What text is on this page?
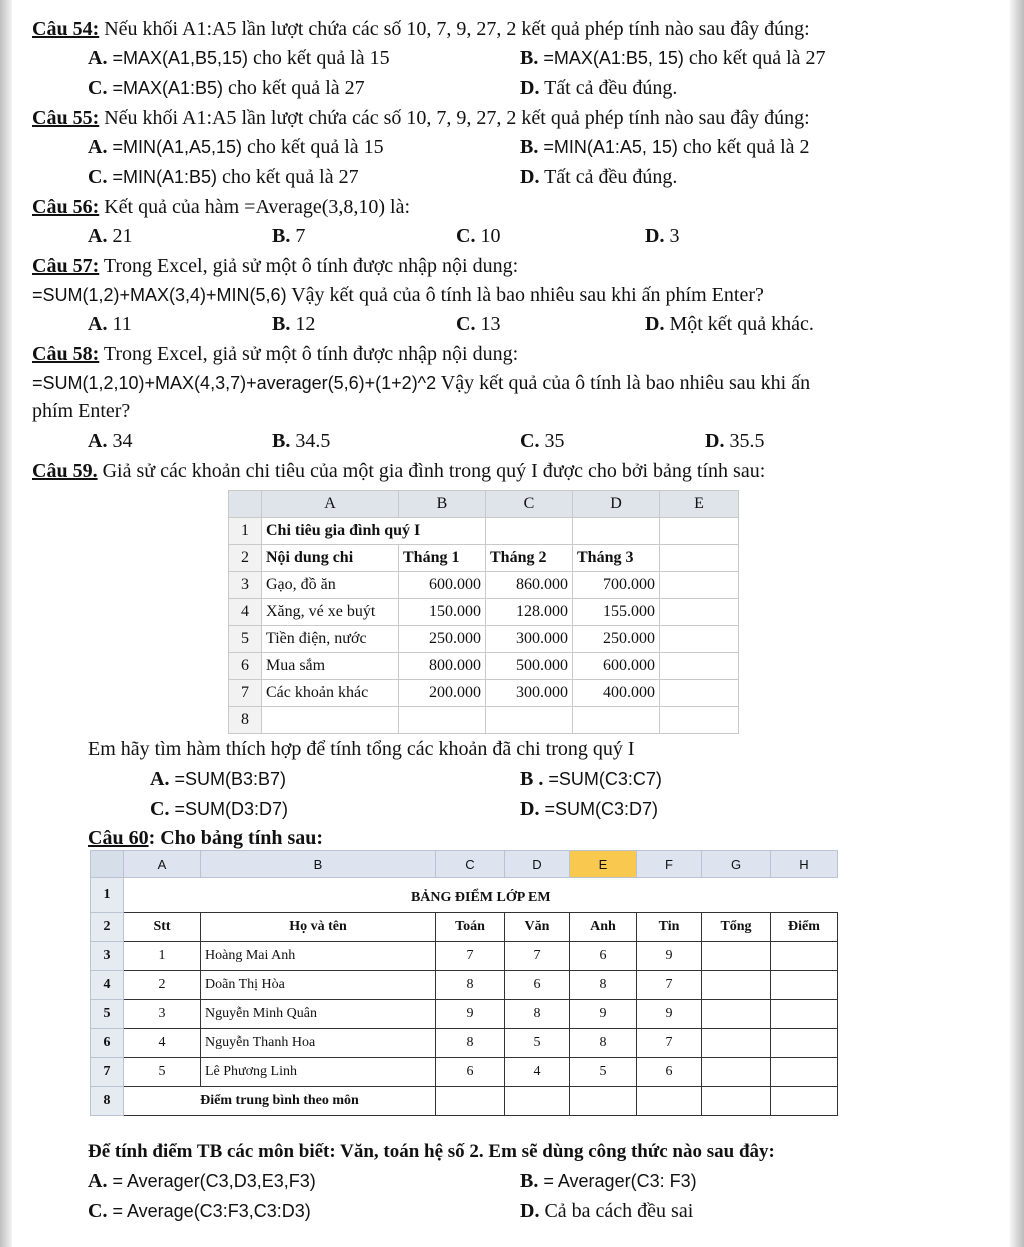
Câu 54: Nếu khối A1:A5 lần lượt chứa các số 10, 7, 9, 27, 2 kết quả phép tính nào sau đây đúng:
A. =MAX(A1,B5,15) cho kết quả là 15	B. =MAX(A1:B5, 15) cho kết quả là 27
C. =MAX(A1:B5) cho kết quả là 27	D. Tất cả đều đúng.
Câu 55: Nếu khối A1:A5 lần lượt chứa các số 10, 7, 9, 27, 2 kết quả phép tính nào sau đây đúng:
A. =MIN(A1,A5,15) cho kết quả là 15	B. =MIN(A1:A5, 15) cho kết quả là 2
C. =MIN(A1:B5) cho kết quả là 27	D. Tất cả đều đúng.
Câu 56: Kết quả của hàm =Average(3,8,10) là:
A. 21	B. 7	C. 10	D. 3
Câu 57: Trong Excel, giả sử một ô tính được nhập nội dung:
=SUM(1,2)+MAX(3,4)+MIN(5,6) Vậy kết quả của ô tính là bao nhiêu sau khi ấn phím Enter?
A. 11	B. 12	C. 13	D. Một kết quả khác.
Câu 58: Trong Excel, giả sử một ô tính được nhập nội dung:
=SUM(1,2,10)+MAX(4,3,7)+averager(5,6)+(1+2)^2 Vậy kết quả của ô tính là bao nhiêu sau khi ấn
phím Enter?
A. 34	B. 34.5	C. 35	D. 35.5
Câu 59. Giả sử các khoản chi tiêu của một gia đình trong quý I được cho bởi bảng tính sau:
	A	B	C	D	E
1	Chi tiêu gia đình quý I				
2	Nội dung chi	Tháng 1	Tháng 2	Tháng 3	
3	Gạo, đồ ăn	600.000	860.000	700.000	
4	Xăng, vé xe buýt	150.000	128.000	155.000	
5	Tiền điện, nước	250.000	300.000	250.000	
6	Mua sắm	800.000	500.000	600.000	
7	Các khoản khác	200.000	300.000	400.000	
8					
Em hãy tìm hàm thích hợp để tính tổng các khoản đã chi trong quý I
A. =SUM(B3:B7)	B . =SUM(C3:C7)
C. =SUM(D3:D7)	D. =SUM(C3:D7)
Câu 60: Cho bảng tính sau:
	A	B	C	D	E	F	G	H
1	BẢNG ĐIỂM LỚP EM							
2	Stt	Họ và tên	Toán	Văn	Anh	Tin	Tổng	Điểm
3	1	Hoàng Mai Anh	7	7	6	9		
4	2	Doãn Thị Hòa	8	6	8	7		
5	3	Nguyễn Minh Quân	9	8	9	9		
6	4	Nguyễn Thanh Hoa	8	5	8	7		
7	5	Lê Phương Linh	6	4	5	6		
8	Điểm trung bình theo môn							
Để tính điểm TB các môn biết: Văn, toán hệ số 2. Em sẽ dùng công thức nào sau đây:
A. = Averager(C3,D3,E3,F3)	B. = Averager(C3: F3)
C. = Average(C3:F3,C3:D3)	D. Cả ba cách đều sai
